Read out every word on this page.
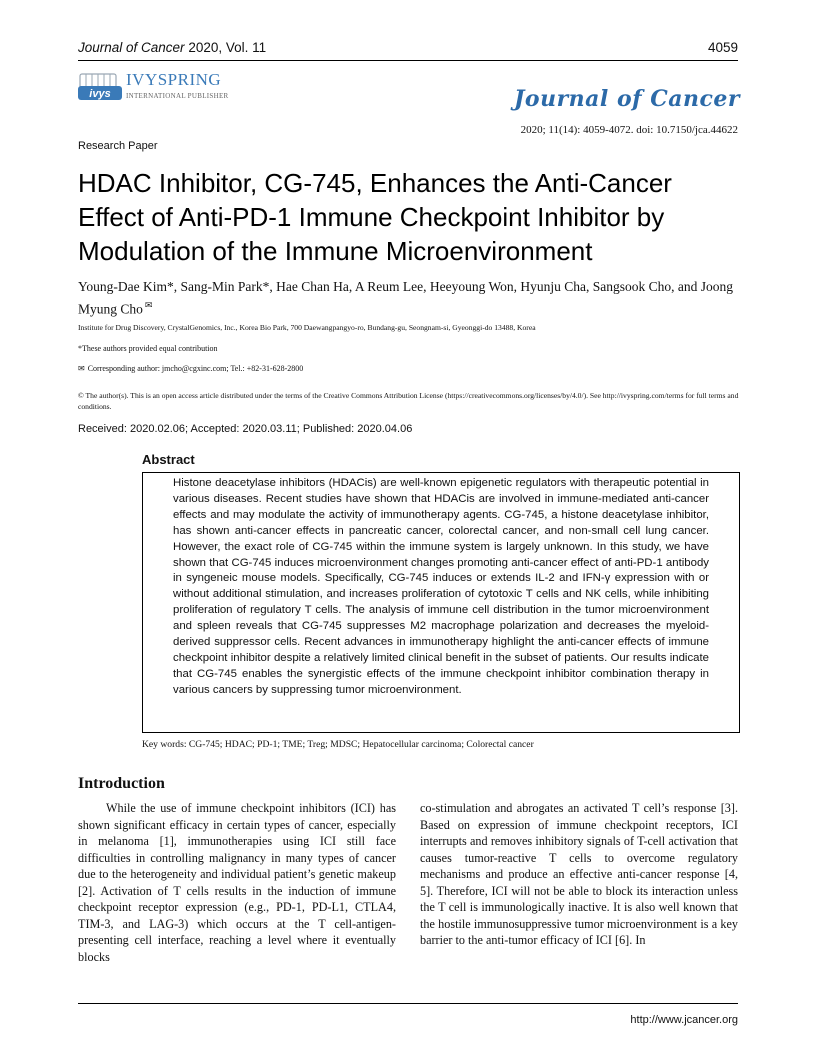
Journal of Cancer 2020, Vol. 11	4059
ivys
IVYSPRING
INTERNATIONAL PUBLISHER	Journal of Cancer
2020; 11(14): 4059-4072. doi: 10.7150/jca.44622
Research Paper
HDAC Inhibitor, CG-745, Enhances the Anti-Cancer Effect of Anti-PD-1 Immune Checkpoint Inhibitor by Modulation of the Immune Microenvironment
Young-Dae Kim*, Sang-Min Park*, Hae Chan Ha, A Reum Lee, Heeyoung Won, Hyunju Cha, Sangsook Cho, and Joong Myung Cho ✉
Institute for Drug Discovery, CrystalGenomics, Inc., Korea Bio Park, 700 Daewangpangyo-ro, Bundang-gu, Seongnam-si, Gyeonggi-do 13488, Korea
*These authors provided equal contribution
✉ Corresponding author: jmcho@cgxinc.com; Tel.: +82-31-628-2800
© The author(s). This is an open access article distributed under the terms of the Creative Commons Attribution License (https://creativecommons.org/licenses/by/4.0/). See http://ivyspring.com/terms for full terms and conditions.
Received: 2020.02.06; Accepted: 2020.03.11; Published: 2020.04.06
Abstract
Histone deacetylase inhibitors (HDACis) are well-known epigenetic regulators with therapeutic potential in various diseases. Recent studies have shown that HDACis are involved in immune-mediated anti-cancer effects and may modulate the activity of immunotherapy agents. CG-745, a histone deacetylase inhibitor, has shown anti-cancer effects in pancreatic cancer, colorectal cancer, and non-small cell lung cancer. However, the exact role of CG-745 within the immune system is largely unknown. In this study, we have shown that CG-745 induces microenvironment changes promoting anti-cancer effect of anti-PD-1 antibody in syngeneic mouse models. Specifically, CG-745 induces or extends IL-2 and IFN-γ expression with or without additional stimulation, and increases proliferation of cytotoxic T cells and NK cells, while inhibiting proliferation of regulatory T cells. The analysis of immune cell distribution in the tumor microenvironment and spleen reveals that CG-745 suppresses M2 macrophage polarization and decreases the myeloid-derived suppressor cells. Recent advances in immunotherapy highlight the anti-cancer effects of immune checkpoint inhibitor despite a relatively limited clinical benefit in the subset of patients. Our results indicate that CG-745 enables the synergistic effects of the immune checkpoint inhibitor combination therapy in various cancers by suppressing tumor microenvironment.
Key words: CG-745; HDAC; PD-1; TME; Treg; MDSC; Hepatocellular carcinoma; Colorectal cancer
Introduction

While the use of immune checkpoint inhibitors (ICI) has shown significant efficacy in certain types of cancer, especially in melanoma [1], immunotherapies using ICI still face difficulties in controlling malignancy in many types of cancer due to the heterogeneity and individual patient’s genetic makeup [2]. Activation of T cells results in the induction of immune checkpoint receptor expression (e.g., PD-1, PD-L1, CTLA4, TIM-3, and LAG-3) which occurs at the T cell-antigen-presenting cell interface, reaching a level where it eventually blocks

co-stimulation and abrogates an activated T cell’s response [3]. Based on expression of immune checkpoint receptors, ICI interrupts and removes inhibitory signals of T-cell activation that causes tumor-reactive T cells to overcome regulatory mechanisms and produce an effective anti-cancer response [4, 5]. Therefore, ICI will not be able to block its interaction unless the T cell is immunologically inactive. It is also well known that the hostile immunosuppressive tumor microenvironment is a key barrier to the anti-tumor efficacy of ICI [6]. In

http://www.jcancer.org
